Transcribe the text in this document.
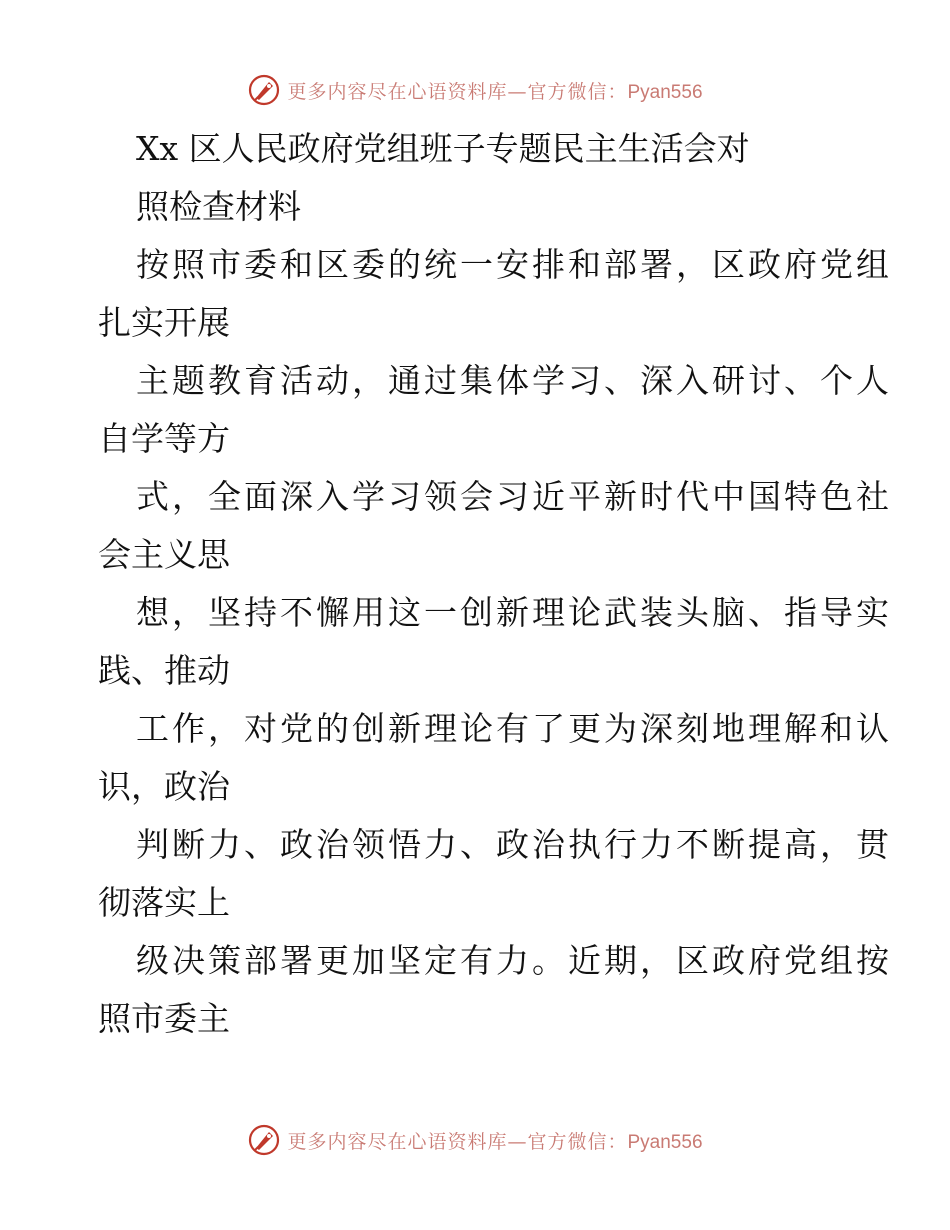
更多内容尽在心语资料库—官方微信：Pyan556
Xx 区人民政府党组班子专题民主生活会对
照检查材料
按照市委和区委的统一安排和部署，区政府党组
扎实开展
主题教育活动，通过集体学习、深入研讨、个人
自学等方
式，全面深入学习领会习近平新时代中国特色社
会主义思
想，坚持不懈用这一创新理论武装头脑、指导实
践、推动
工作，对党的创新理论有了更为深刻地理解和认
识，政治
判断力、政治领悟力、政治执行力不断提高，贯
彻落实上
级决策部署更加坚定有力。近期，区政府党组按
照市委主
更多内容尽在心语资料库—官方微信：Pyan556
